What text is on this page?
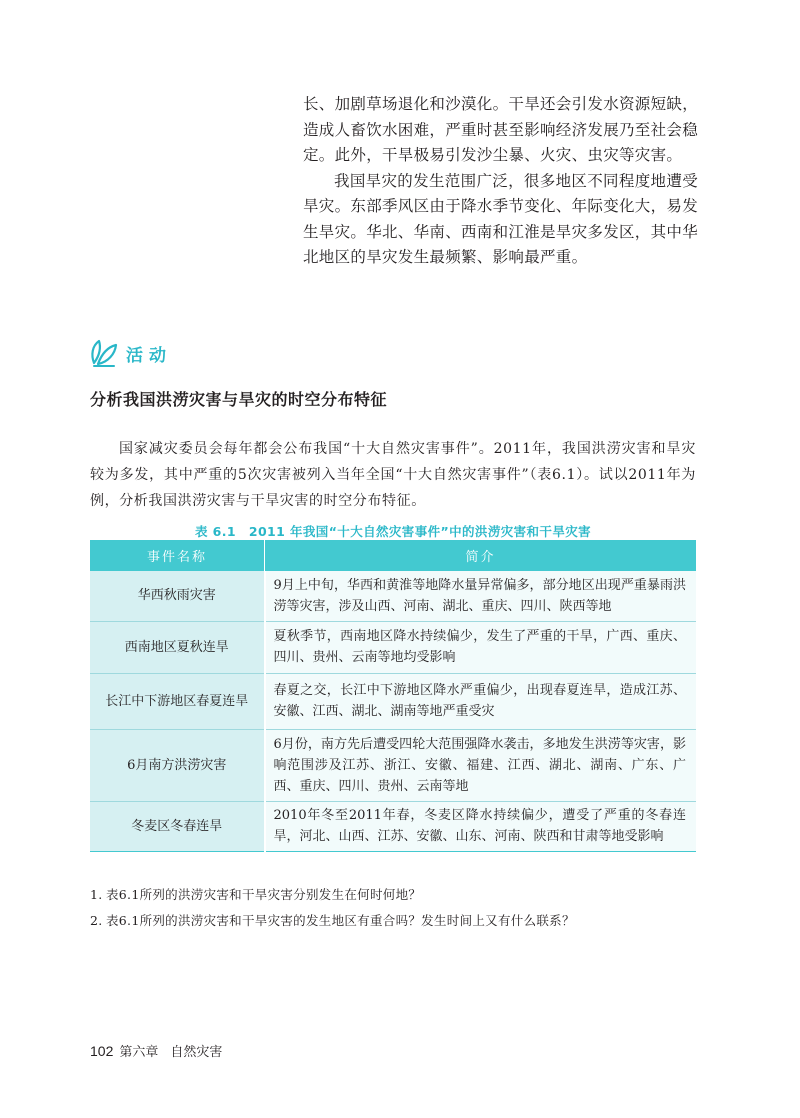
长、加剧草场退化和沙漠化。干旱还会引发水资源短缺，造成人畜饮水困难，严重时甚至影响经济发展乃至社会稳定。此外，干旱极易引发沙尘暴、火灾、虫灾等灾害。

我国旱灾的发生范围广泛，很多地区不同程度地遭受旱灾。东部季风区由于降水季节变化、年际变化大，易发生旱灾。华北、华南、西南和江淮是旱灾多发区，其中华北地区的旱灾发生最频繁、影响最严重。

活动
分析我国洪涝灾害与旱灾的时空分布特征

国家减灾委员会每年都会公布我国“十大自然灾害事件”。2011年，我国洪涝灾害和旱灾较为多发，其中严重的5次灾害被列入当年全国“十大自然灾害事件”（表6.1）。试以2011年为例，分析我国洪涝灾害与干旱灾害的时空分布特征。

表 6.1　2011 年我国“十大自然灾害事件”中的洪涝灾害和干旱灾害
事件名称	简介
华西秋雨灾害	9月上中旬，华西和黄淮等地降水量异常偏多，部分地区出现严重暴雨洪涝等灾害，涉及山西、河南、湖北、重庆、四川、陕西等地
西南地区夏秋连旱	夏秋季节，西南地区降水持续偏少，发生了严重的干旱，广西、重庆、四川、贵州、云南等地均受影响
长江中下游地区春夏连旱	春夏之交，长江中下游地区降水严重偏少，出现春夏连旱，造成江苏、安徽、江西、湖北、湖南等地严重受灾
6月南方洪涝灾害	6月份，南方先后遭受四轮大范围强降水袭击，多地发生洪涝等灾害，影响范围涉及江苏、浙江、安徽、福建、江西、湖北、湖南、广东、广西、重庆、四川、贵州、云南等地
冬麦区冬春连旱	2010年冬至2011年春，冬麦区降水持续偏少，遭受了严重的冬春连旱，河北、山西、江苏、安徽、山东、河南、陕西和甘肃等地受影响
1. 表6.1所列的洪涝灾害和干旱灾害分别发生在何时何地？
2. 表6.1所列的洪涝灾害和干旱灾害的发生地区有重合吗？发生时间上又有什么联系？
102 第六章 自然灾害
